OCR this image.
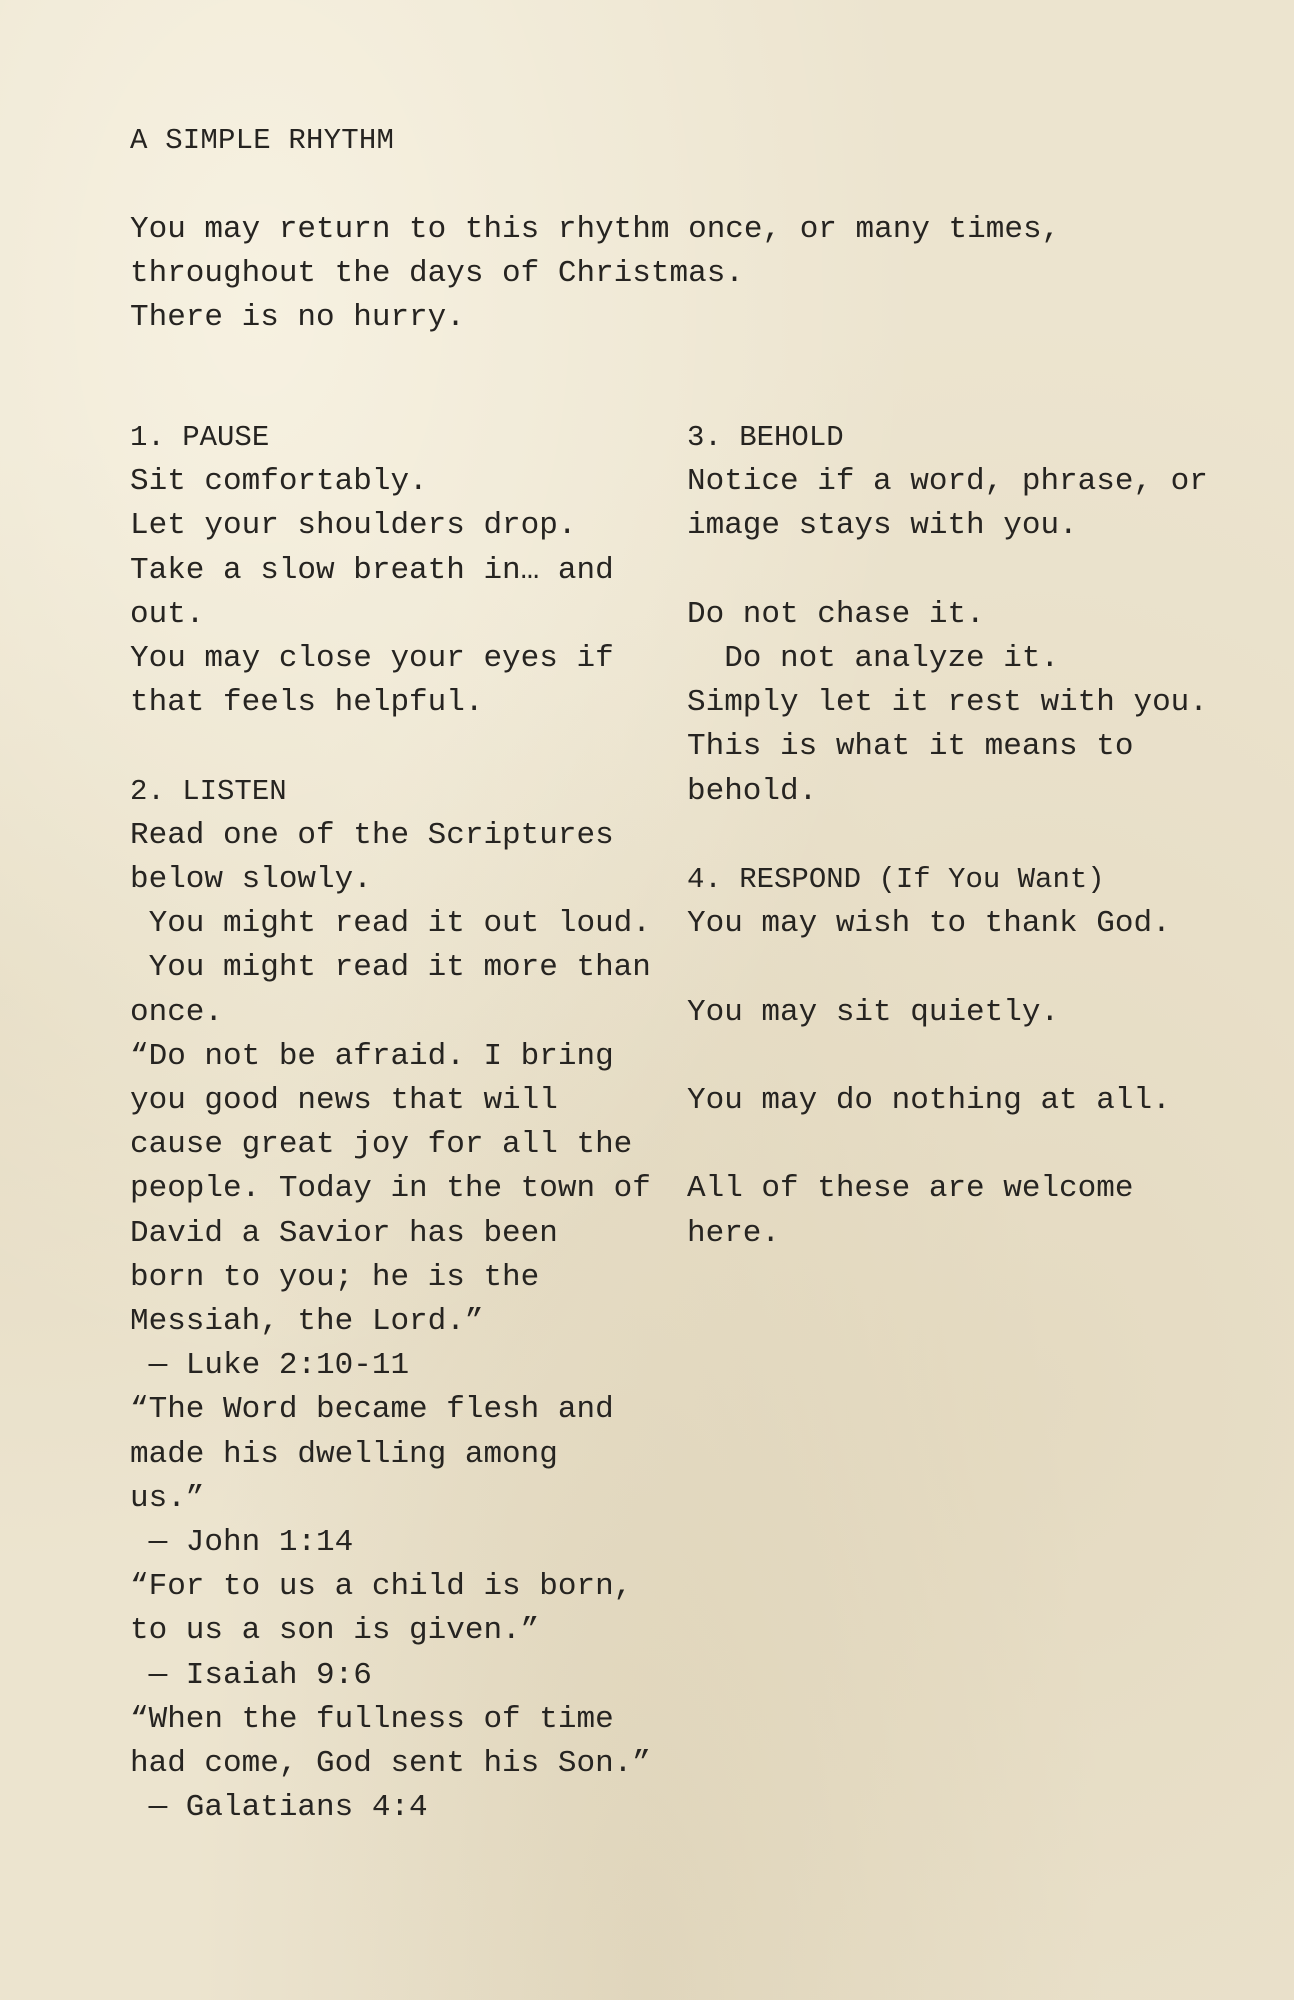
A SIMPLE RHYTHM
You may return to this rhythm once, or many times,
throughout the days of Christmas.
There is no hurry.
1. PAUSE
Sit comfortably.
Let your shoulders drop.
Take a slow breath in… and
out.
You may close your eyes if
that feels helpful.
2. LISTEN
Read one of the Scriptures
below slowly.
You might read it out loud.
You might read it more than
once.
“Do not be afraid. I bring
you good news that will
cause great joy for all the
people. Today in the town of
David a Savior has been
born to you; he is the
Messiah, the Lord.”
— Luke 2:10-11
“The Word became flesh and
made his dwelling among
us.”
— John 1:14
“For to us a child is born,
to us a son is given.”
— Isaiah 9:6
“When the fullness of time
had come, God sent his Son.”
— Galatians 4:4
3. BEHOLD
Notice if a word, phrase, or
image stays with you.
Do not chase it.
Do not analyze it.
Simply let it rest with you.
This is what it means to
behold.
4. RESPOND (If You Want)
You may wish to thank God.
You may sit quietly.
You may do nothing at all.
All of these are welcome
here.
